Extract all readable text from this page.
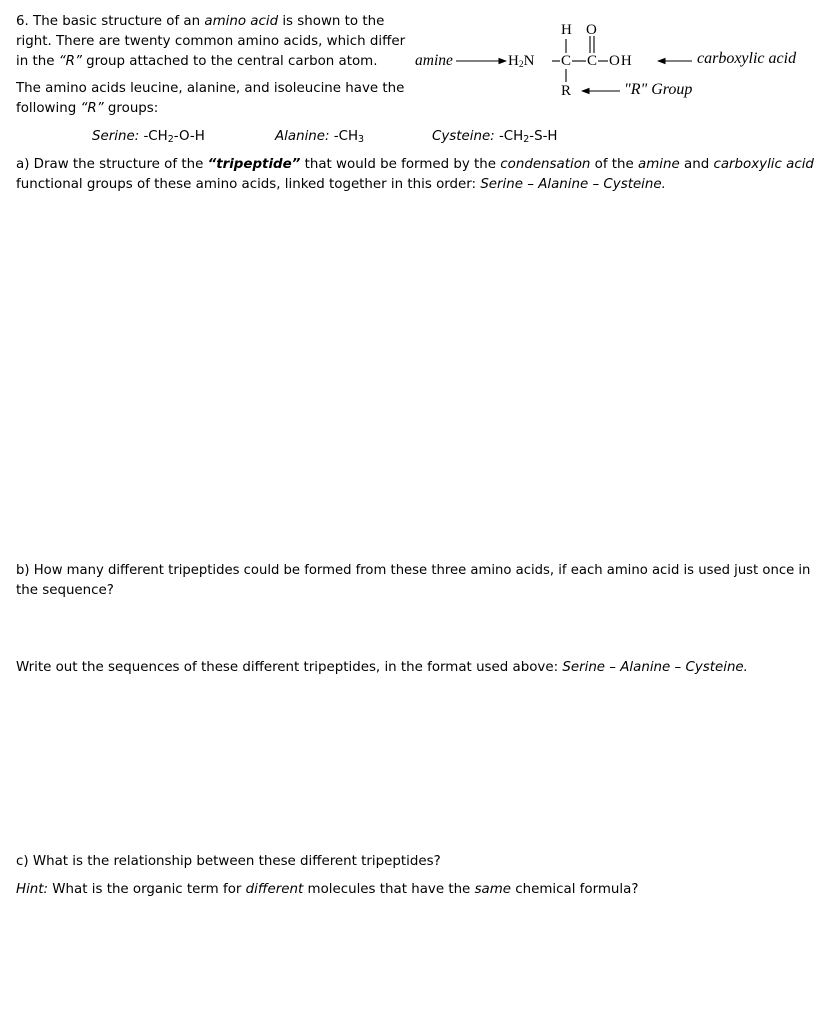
6. The basic structure of an amino acid is shown to the
right. There are twenty common amino acids, which differ
in the “R” group attached to the central carbon atom.
The amino acids leucine, alanine, and isoleucine have the
following “R” groups:
Serine: $-CH_2-O-H$	Alanine: $-CH_3$	Cysteine: $-CH_2-S-H$
H O
$H_2N$ C C OH
R
amine	carboxylic acid
"R" Group
a) Draw the structure of the “tripeptide” that would be formed by the condensation of the amine and carboxylic acid
functional groups of these amino acids, linked together in this order: Serine – Alanine – Cysteine.
b) How many different tripeptides could be formed from these three amino acids, if each amino acid is used just once in
the sequence?
Write out the sequences of these different tripeptides, in the format used above: Serine – Alanine – Cysteine.
c) What is the relationship between these different tripeptides?
Hint: What is the organic term for different molecules that have the same chemical formula?
